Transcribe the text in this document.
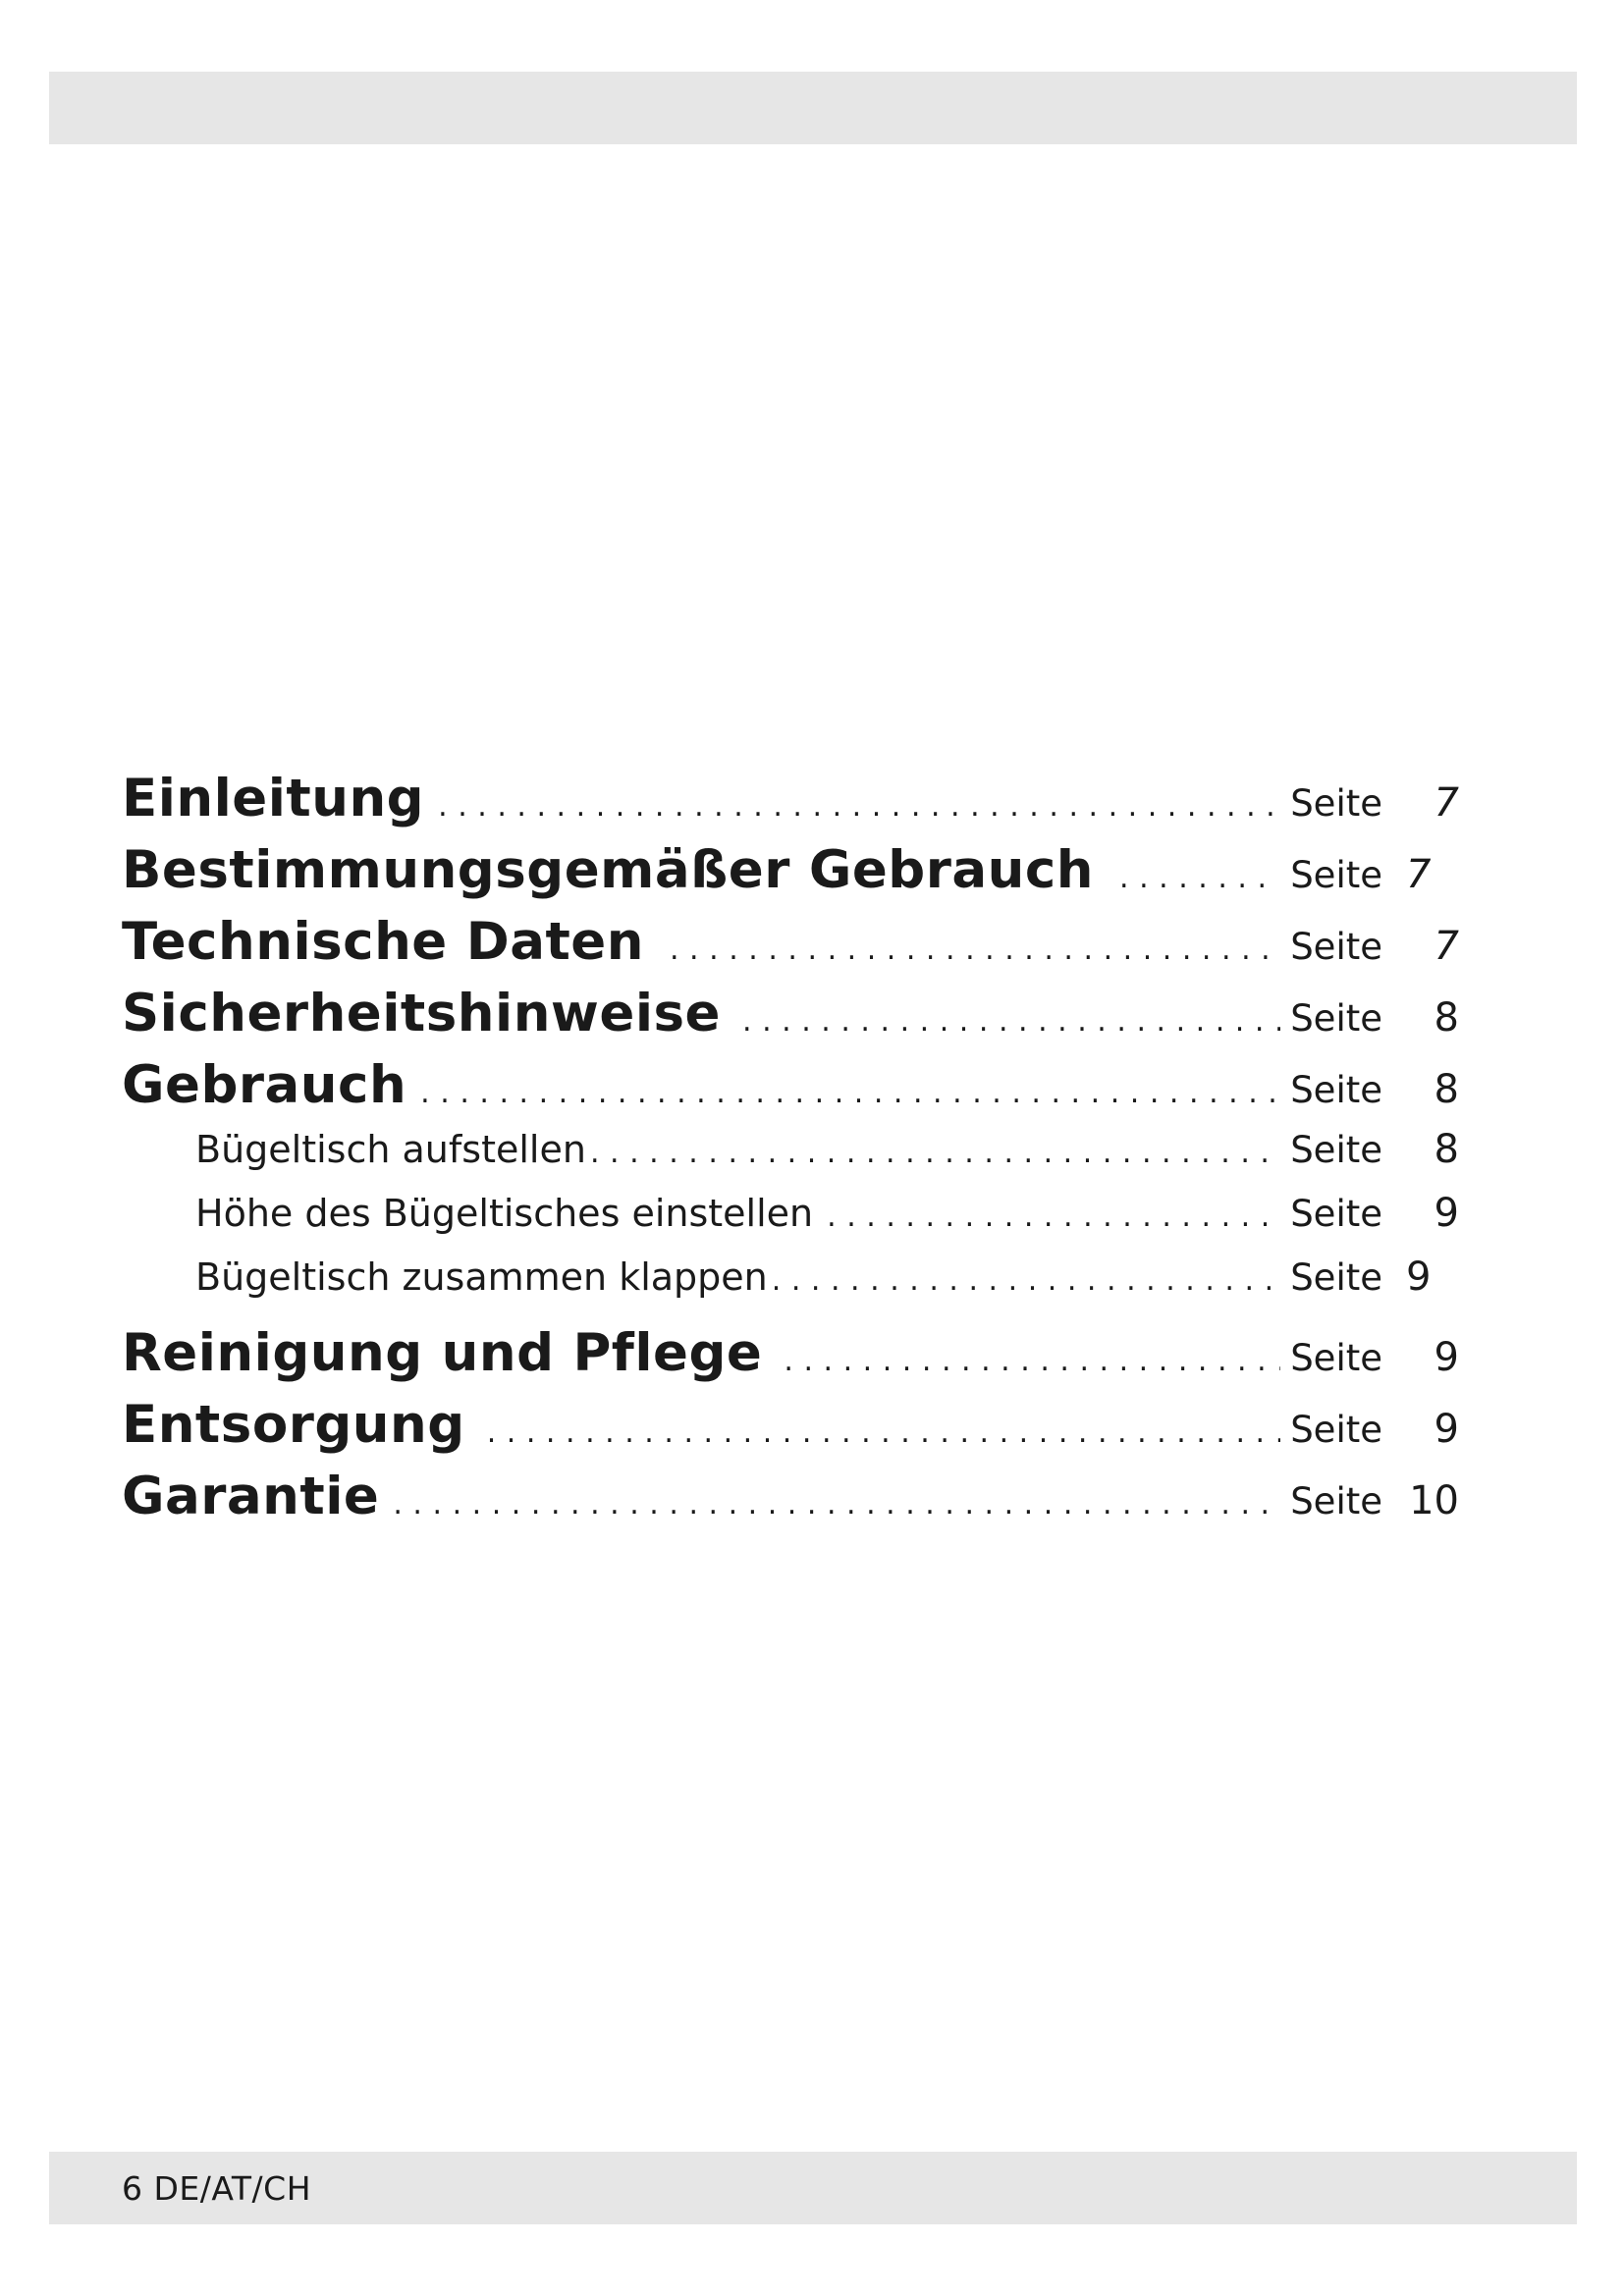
Einleitung . . .	Seite	7
Bestimmungsgemäßer Gebrauch . . .	Seite 7
Technische Daten . . .	Seite	7
Sicherheitshinweise . . .	Seite	8
Gebrauch . . .	Seite	8
Bügeltisch aufstellen . . .	Seite	8
Höhe des Bügeltisches einstellen . . .	Seite	9
Bügeltisch zusammen klappen . . .	Seite 9
Reinigung und Pflege . . .	Seite	9
Entsorgung . . .	Seite	9
Garantie . . .	Seite 10
6 DE/AT/CH
